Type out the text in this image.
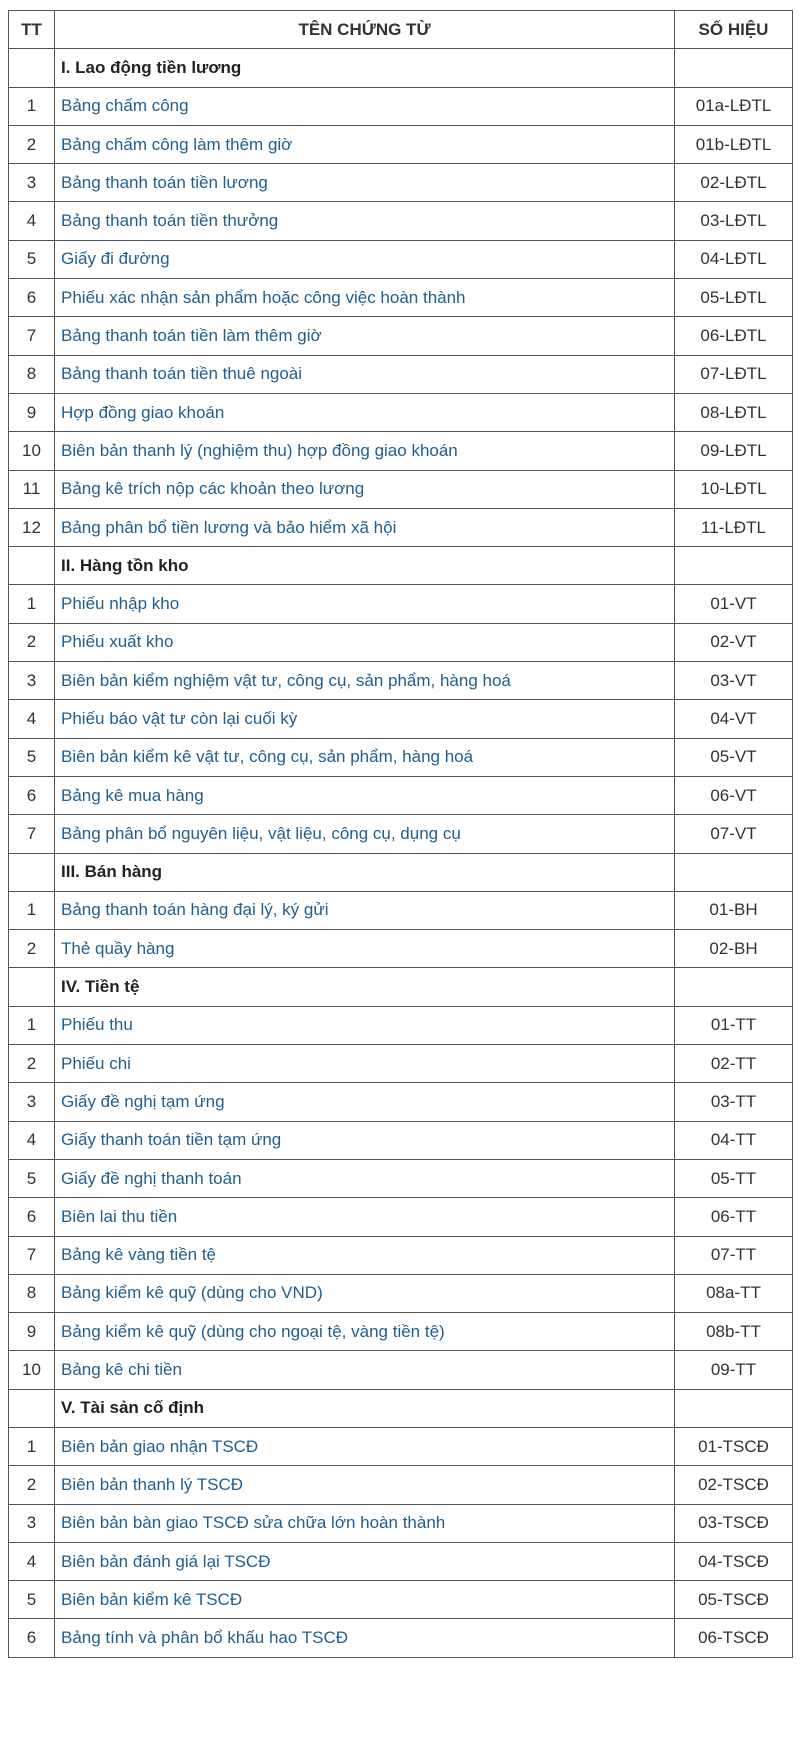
TT	TÊN CHỨNG TỪ	SỐ HIỆU
	I. Lao động tiền lương	
1	Bảng chấm công	01a-LĐTL
2	Bảng chấm công làm thêm giờ	01b-LĐTL
3	Bảng thanh toán tiền lương	02-LĐTL
4	Bảng thanh toán tiền thưởng	03-LĐTL
5	Giấy đi đường	04-LĐTL
6	Phiếu xác nhận sản phẩm hoặc công việc hoàn thành	05-LĐTL
7	Bảng thanh toán tiền làm thêm giờ	06-LĐTL
8	Bảng thanh toán tiền thuê ngoài	07-LĐTL
9	Hợp đồng giao khoán	08-LĐTL
10	Biên bản thanh lý (nghiệm thu) hợp đồng giao khoán	09-LĐTL
11	Bảng kê trích nộp các khoản theo lương	10-LĐTL
12	Bảng phân bổ tiền lương và bảo hiểm xã hội	11-LĐTL
	II. Hàng tồn kho	
1	Phiếu nhập kho	01-VT
2	Phiếu xuất kho	02-VT
3	Biên bản kiểm nghiệm vật tư, công cụ, sản phẩm, hàng hoá	03-VT
4	Phiếu báo vật tư còn lại cuối kỳ	04-VT
5	Biên bản kiểm kê vật tư, công cụ, sản phẩm, hàng hoá	05-VT
6	Bảng kê mua hàng	06-VT
7	Bảng phân bổ nguyên liệu, vật liệu, công cụ, dụng cụ	07-VT
	III. Bán hàng	
1	Bảng thanh toán hàng đại lý, ký gửi	01-BH
2	Thẻ quầy hàng	02-BH
	IV. Tiền tệ	
1	Phiếu thu	01-TT
2	Phiếu chi	02-TT
3	Giấy đề nghị tạm ứng	03-TT
4	Giấy thanh toán tiền tạm ứng	04-TT
5	Giấy đề nghị thanh toán	05-TT
6	Biên lai thu tiền	06-TT
7	Bảng kê vàng tiền tệ	07-TT
8	Bảng kiểm kê quỹ (dùng cho VND)	08a-TT
9	Bảng kiểm kê quỹ (dùng cho ngoại tệ, vàng tiền tệ)	08b-TT
10	Bảng kê chi tiền	09-TT
	V. Tài sản cố định	
1	Biên bản giao nhận TSCĐ	01-TSCĐ
2	Biên bản thanh lý TSCĐ	02-TSCĐ
3	Biên bản bàn giao TSCĐ sửa chữa lớn hoàn thành	03-TSCĐ
4	Biên bản đánh giá lại TSCĐ	04-TSCĐ
5	Biên bản kiểm kê TSCĐ	05-TSCĐ
6	Bảng tính và phân bổ khấu hao TSCĐ	06-TSCĐ
